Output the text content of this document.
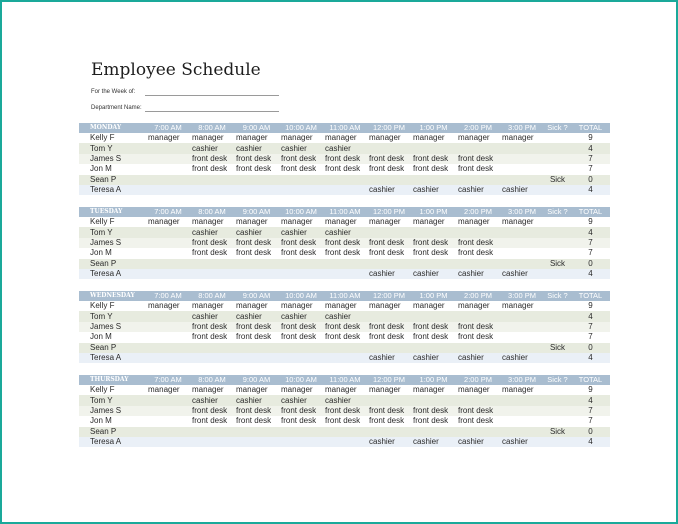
Employee Schedule
For the Week of:
Department Name:
MONDAY	7:00 AM	8:00 AM	9:00 AM	10:00 AM	11:00 AM	12:00 PM	1:00 PM	2:00 PM	3:00 PM	Sick ?	TOTAL
Kelly F	manager	manager	manager	manager	manager	manager	manager	manager	manager		9
Tom Y		cashier	cashier	cashier	cashier						4
James S		front desk	front desk	front desk	front desk	front desk	front desk	front desk			7
Jon M		front desk	front desk	front desk	front desk	front desk	front desk	front desk			7
Sean P										Sick	0
Teresa A						cashier	cashier	cashier	cashier		4
TUESDAY	7:00 AM	8:00 AM	9:00 AM	10:00 AM	11:00 AM	12:00 PM	1:00 PM	2:00 PM	3:00 PM	Sick ?	TOTAL
Kelly F	manager	manager	manager	manager	manager	manager	manager	manager	manager		9
Tom Y		cashier	cashier	cashier	cashier						4
James S		front desk	front desk	front desk	front desk	front desk	front desk	front desk			7
Jon M		front desk	front desk	front desk	front desk	front desk	front desk	front desk			7
Sean P										Sick	0
Teresa A						cashier	cashier	cashier	cashier		4
WEDNESDAY	7:00 AM	8:00 AM	9:00 AM	10:00 AM	11:00 AM	12:00 PM	1:00 PM	2:00 PM	3:00 PM	Sick ?	TOTAL
Kelly F	manager	manager	manager	manager	manager	manager	manager	manager	manager		9
Tom Y		cashier	cashier	cashier	cashier						4
James S		front desk	front desk	front desk	front desk	front desk	front desk	front desk			7
Jon M		front desk	front desk	front desk	front desk	front desk	front desk	front desk			7
Sean P										Sick	0
Teresa A						cashier	cashier	cashier	cashier		4
THURSDAY	7:00 AM	8:00 AM	9:00 AM	10:00 AM	11:00 AM	12:00 PM	1:00 PM	2:00 PM	3:00 PM	Sick ?	TOTAL
Kelly F	manager	manager	manager	manager	manager	manager	manager	manager	manager		9
Tom Y		cashier	cashier	cashier	cashier						4
James S		front desk	front desk	front desk	front desk	front desk	front desk	front desk			7
Jon M		front desk	front desk	front desk	front desk	front desk	front desk	front desk			7
Sean P										Sick	0
Teresa A						cashier	cashier	cashier	cashier		4
